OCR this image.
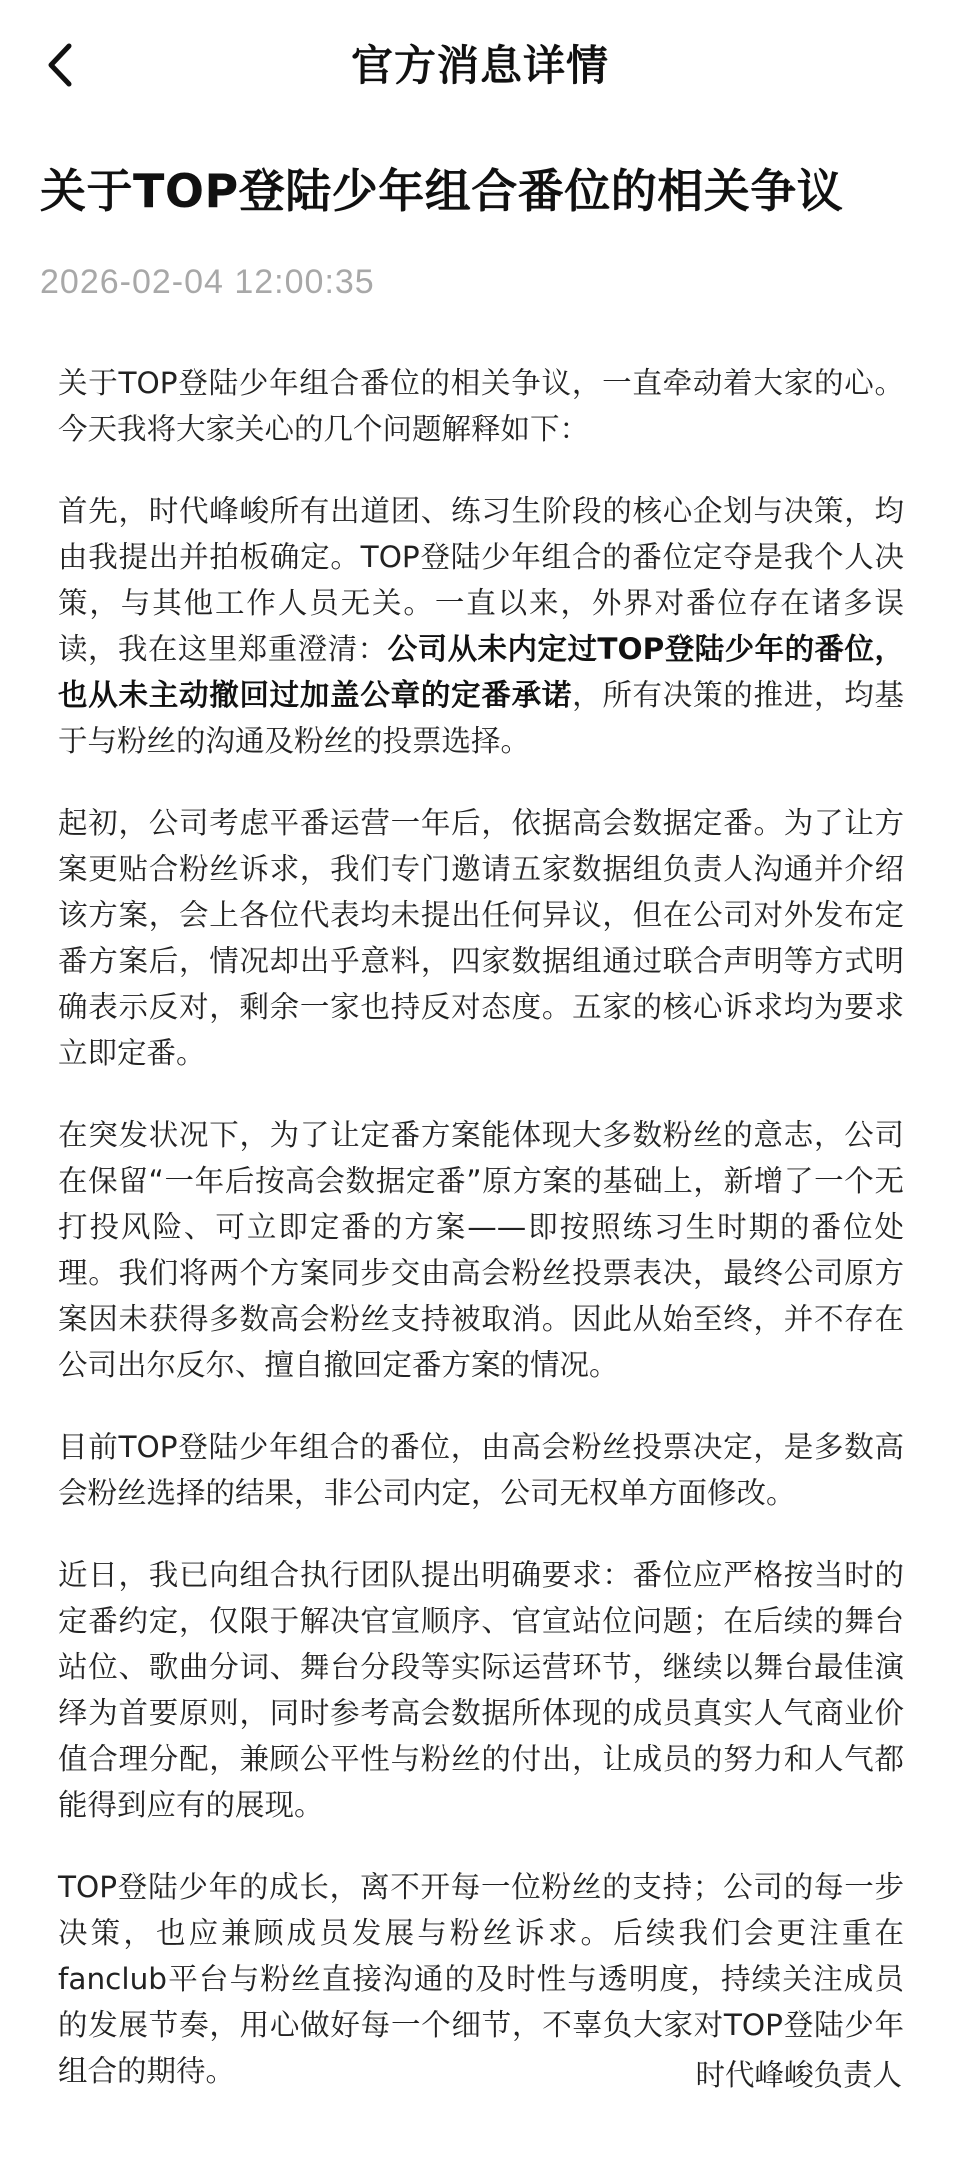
官方消息详情
关于TOP登陆少年组合番位的相关争议
2026-02-04 12:00:35

关于TOP登陆少年组合番位的相关争议，一直牵动着大家的心。今天我将大家关心的几个问题解释如下：

首先，时代峰峻所有出道团、练习生阶段的核心企划与决策，均由我提出并拍板确定。TOP登陆少年组合的番位定夺是我个人决策，与其他工作人员无关。一直以来，外界对番位存在诸多误读，我在这里郑重澄清：公司从未内定过TOP登陆少年的番位，也从未主动撤回过加盖公章的定番承诺，所有决策的推进，均基于与粉丝的沟通及粉丝的投票选择。

起初，公司考虑平番运营一年后，依据高会数据定番。为了让方案更贴合粉丝诉求，我们专门邀请五家数据组负责人沟通并介绍该方案，会上各位代表均未提出任何异议，但在公司对外发布定番方案后，情况却出乎意料，四家数据组通过联合声明等方式明确表示反对，剩余一家也持反对态度。五家的核心诉求均为要求立即定番。

在突发状况下，为了让定番方案能体现大多数粉丝的意志，公司在保留“一年后按高会数据定番”原方案的基础上，新增了一个无打投风险、可立即定番的方案——即按照练习生时期的番位处理。我们将两个方案同步交由高会粉丝投票表决，最终公司原方案因未获得多数高会粉丝支持被取消。因此从始至终，并不存在公司出尔反尔、擅自撤回定番方案的情况。

目前TOP登陆少年组合的番位，由高会粉丝投票决定，是多数高会粉丝选择的结果，非公司内定，公司无权单方面修改。

近日，我已向组合执行团队提出明确要求：番位应严格按当时的定番约定，仅限于解决官宣顺序、官宣站位问题；在后续的舞台站位、歌曲分词、舞台分段等实际运营环节，继续以舞台最佳演绎为首要原则，同时参考高会数据所体现的成员真实人气商业价值合理分配，兼顾公平性与粉丝的付出，让成员的努力和人气都能得到应有的展现。

TOP登陆少年的成长，离不开每一位粉丝的支持；公司的每一步决策，也应兼顾成员发展与粉丝诉求。后续我们会更注重在fanclub平台与粉丝直接沟通的及时性与透明度，持续关注成员的发展节奏，用心做好每一个细节，不辜负大家对TOP登陆少年组合的期待。	时代峰峻负责人
